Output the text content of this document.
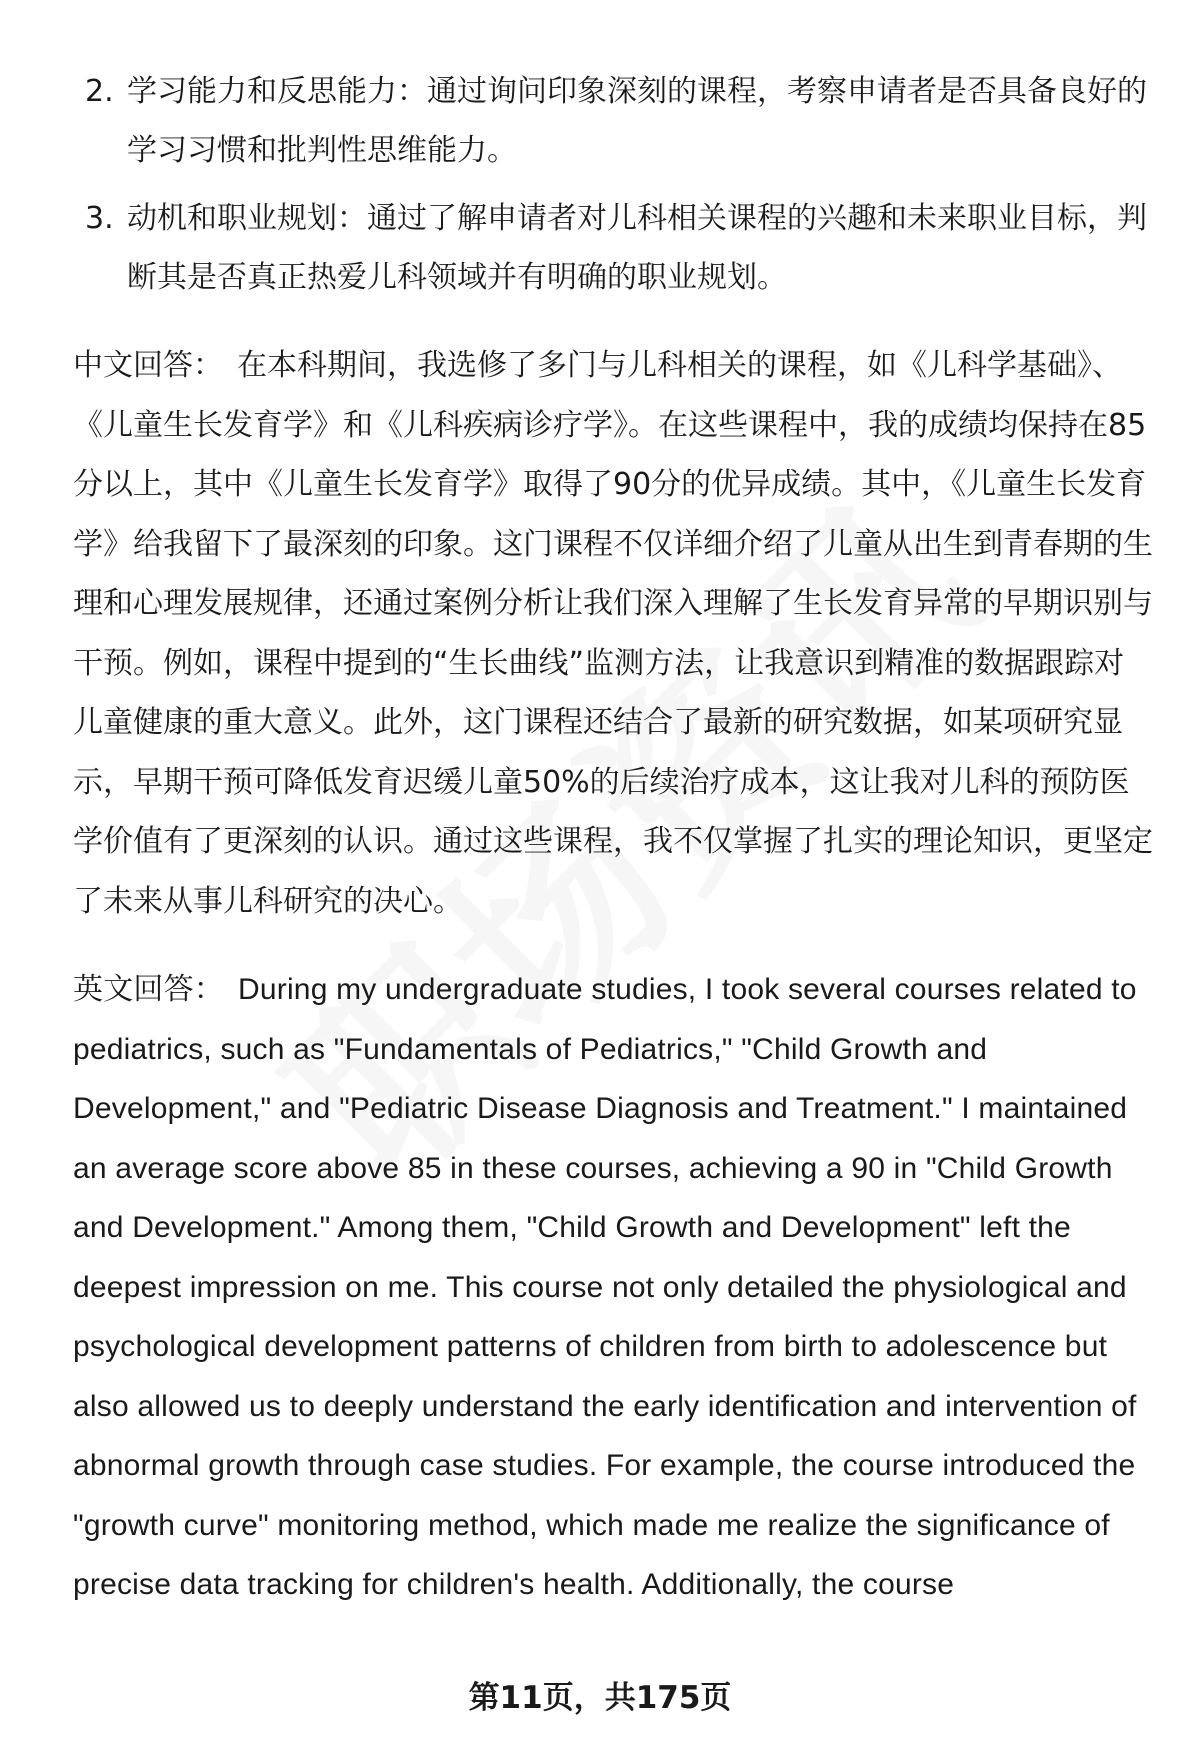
2. 学习能力和反思能力：通过询问印象深刻的课程，考察申请者是否具备良好的学习习惯和批判性思维能力。
3. 动机和职业规划：通过了解申请者对儿科相关课程的兴趣和未来职业目标，判断其是否真正热爱儿科领域并有明确的职业规划。

中文回答： 在本科期间，我选修了多门与儿科相关的课程，如《儿科学基础》、《儿童生长发育学》和《儿科疾病诊疗学》。在这些课程中，我的成绩均保持在85分以上，其中《儿童生长发育学》取得了90分的优异成绩。其中，《儿童生长发育学》给我留下了最深刻的印象。这门课程不仅详细介绍了儿童从出生到青春期的生理和心理发展规律，还通过案例分析让我们深入理解了生长发育异常的早期识别与干预。例如，课程中提到的“生长曲线”监测方法，让我意识到精准的数据跟踪对儿童健康的重大意义。此外，这门课程还结合了最新的研究数据，如某项研究显示，早期干预可降低发育迟缓儿童50%的后续治疗成本，这让我对儿科的预防医学价值有了更深刻的认识。通过这些课程，我不仅掌握了扎实的理论知识，更坚定了未来从事儿科研究的决心。

英文回答： During my undergraduate studies, I took several courses related to pediatrics, such as "Fundamentals of Pediatrics," "Child Growth and Development," and "Pediatric Disease Diagnosis and Treatment." I maintained an average score above 85 in these courses, achieving a 90 in "Child Growth and Development." Among them, "Child Growth and Development" left the deepest impression on me. This course not only detailed the physiological and psychological development patterns of children from birth to adolescence but also allowed us to deeply understand the early identification and intervention of abnormal growth through case studies. For example, the course introduced the "growth curve" monitoring method, which made me realize the significance of precise data tracking for children's health. Additionally, the course

第11页，共175页
